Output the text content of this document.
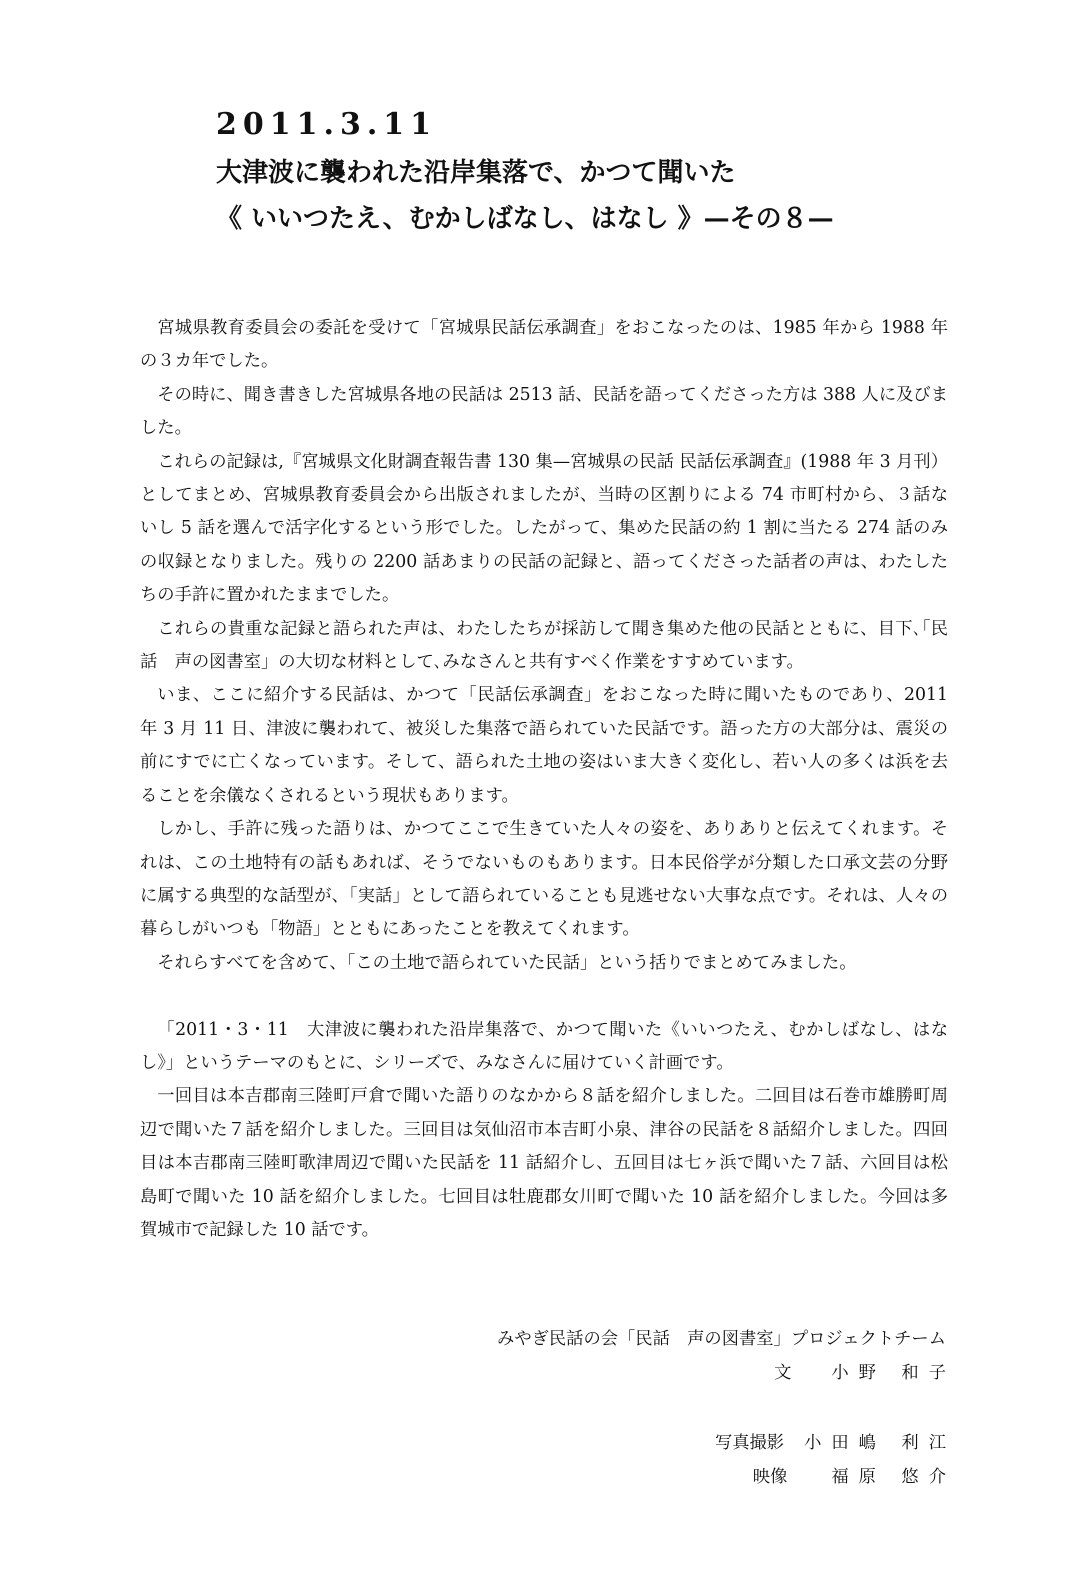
2011.3.11
大津波に襲われた沿岸集落で、かつて聞いた
《 いいつたえ、むかしばなし、はなし 》—その８—

宮城県教育委員会の委託を受けて「宮城県民話伝承調査」をおこなったのは、1985 年から 1988 年の３カ年でした。

その時に、聞き書きした宮城県各地の民話は 2513 話、民話を語ってくださった方は 388 人に及びました。

これらの記録は,『宮城県文化財調査報告書 130 集—宮城県の民話 民話伝承調査』(1988 年 3 月刊）としてまとめ、宮城県教育委員会から出版されましたが、当時の区割りによる 74 市町村から、３話ないし 5 話を選んで活字化するという形でした。したがって、集めた民話の約 1 割に当たる 274 話のみの収録となりました。残りの 2200 話あまりの民話の記録と、語ってくださった話者の声は、わたしたちの手許に置かれたままでした。

これらの貴重な記録と語られた声は、わたしたちが採訪して聞き集めた他の民話とともに、目下､｢民話　声の図書室」の大切な材料として､みなさんと共有すべく作業をすすめています。

いま、ここに紹介する民話は、かつて「民話伝承調査」をおこなった時に聞いたものであり、2011 年 3 月 11 日、津波に襲われて、被災した集落で語られていた民話です。語った方の大部分は、震災の前にすでに亡くなっています。そして、語られた土地の姿はいま大きく変化し、若い人の多くは浜を去ることを余儀なくされるという現状もあります。

しかし、手許に残った語りは、かつてここで生きていた人々の姿を、ありありと伝えてくれます。それは、この土地特有の話もあれば、そうでないものもあります。日本民俗学が分類した口承文芸の分野に属する典型的な話型が、「実話」として語られていることも見逃せない大事な点です。それは、人々の暮らしがいつも「物語」とともにあったことを教えてくれます。

それらすべてを含めて、「この土地で語られていた民話」という括りでまとめてみました。

「2011・3・11　大津波に襲われた沿岸集落で、かつて聞いた《いいつたえ、むかしばなし、はなし》」というテーマのもとに、シリーズで、みなさんに届けていく計画です。

一回目は本吉郡南三陸町戸倉で聞いた語りのなかから８話を紹介しました。二回目は石巻市雄勝町周辺で聞いた７話を紹介しました。三回目は気仙沼市本吉町小泉、津谷の民話を８話紹介しました。四回目は本吉郡南三陸町歌津周辺で聞いた民話を 11 話紹介し、五回目は七ヶ浜で聞いた７話、六回目は松島町で聞いた 10 話を紹介しました。七回目は牡鹿郡女川町で聞いた 10 話を紹介しました。今回は多賀城市で記録した 10 話です。

みやぎ民話の会「民話　声の図書室」プロジェクトチーム
文 小野 和子
写真撮影 小田嶋 利江
映像	福原 悠介
